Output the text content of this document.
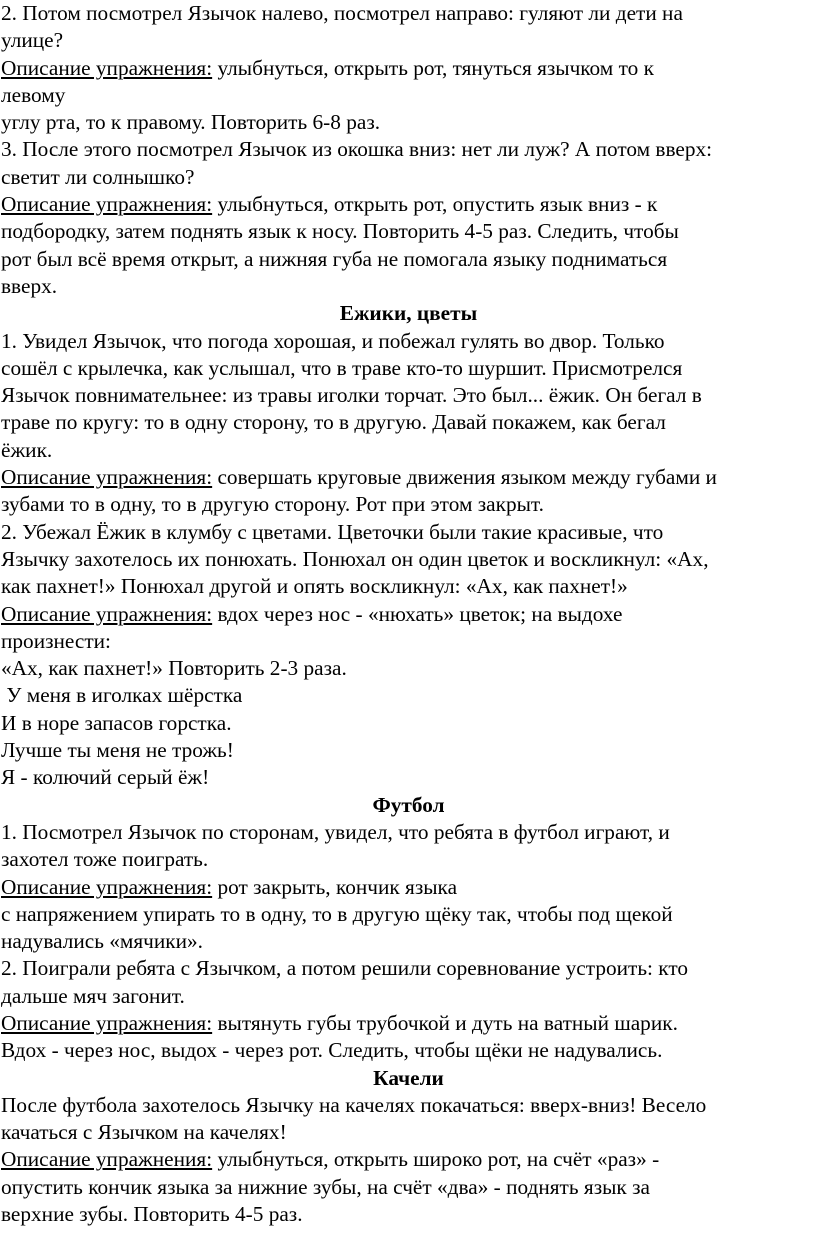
2. Потом посмотрел Язычок налево, посмотрел направо: гуляют ли дети на
улице?
Описание упражнения: улыбнуться, открыть рот, тянуться язычком то к
левому
углу рта, то к правому. Повторить 6-8 раз.
3. После этого посмотрел Язычок из окошка вниз: нет ли луж? А потом вверх:
светит ли солнышко?
Описание упражнения: улыбнуться, открыть рот, опустить язык вниз - к
подбородку, затем поднять язык к носу. Повторить 4-5 раз. Следить, чтобы
рот был всё время открыт, а нижняя губа не помогала языку подниматься
вверх.
Ежики, цветы
1. Увидел Язычок, что погода хорошая, и побежал гулять во двор. Только
сошёл с крылечка, как услышал, что в траве кто-то шуршит. Присмотрелся
Язычок повнимательнее: из травы иголки торчат. Это был... ёжик. Он бегал в
траве по кругу: то в одну сторону, то в другую. Давай покажем, как бегал
ёжик.
Описание упражнения: совершать круговые движения языком между губами и
зубами то в одну, то в другую сторону. Рот при этом закрыт.
2. Убежал Ёжик в клумбу с цветами. Цветочки были такие красивые, что
Язычку захотелось их понюхать. Понюхал он один цветок и воскликнул: «Ах,
как пахнет!» Понюхал другой и опять воскликнул: «Ах, как пахнет!»
Описание упражнения: вдох через нос - «нюхать» цветок; на выдохе
произнести:
«Ах, как пахнет!» Повторить 2-3 раза.
У меня в иголках шёрстка
И в норе запасов горстка.
Лучше ты меня не трожь!
Я - колючий серый ёж!
Футбол
1. Посмотрел Язычок по сторонам, увидел, что ребята в футбол играют, и
захотел тоже поиграть.
Описание упражнения: рот закрыть, кончик языка
с напряжением упирать то в одну, то в другую щёку так, чтобы под щекой
надувались «мячики».
2. Поиграли ребята с Язычком, а потом решили соревнование устроить: кто
дальше мяч загонит.
Описание упражнения: вытянуть губы трубочкой и дуть на ватный шарик.
Вдох - через нос, выдох - через рот. Следить, чтобы щёки не надувались.
Качели
После футбола захотелось Язычку на качелях покачаться: вверх-вниз! Весело
качаться с Язычком на качелях!
Описание упражнения: улыбнуться, открыть широко рот, на счёт «раз» -
опустить кончик языка за нижние зубы, на счёт «два» - поднять язык за
верхние зубы. Повторить 4-5 раз.
